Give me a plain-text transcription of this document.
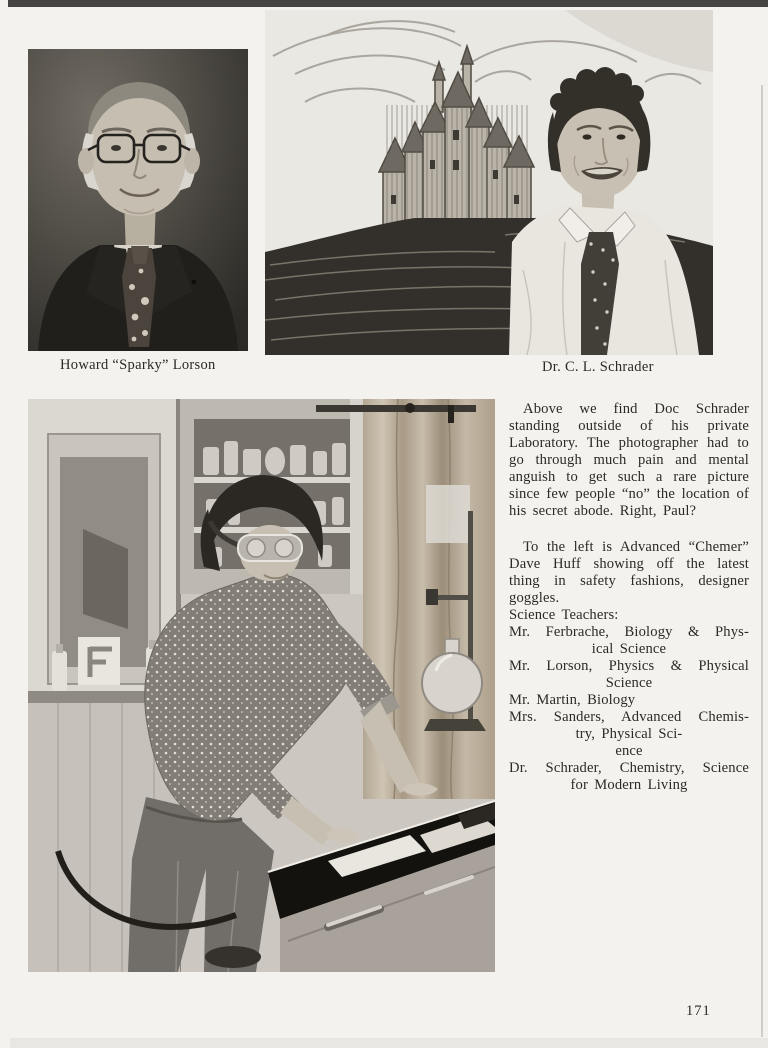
Howard “Sparky” Lorson	Dr. C. L. Schrader

Above we find Doc Schrader standing outside of his private Laboratory. The photographer had to go through much pain and mental anguish to get such a rare picture since few people “no” the location of his secret abode. Right, Paul?

To the left is Advanced “Chemer” Dave Huff showing off the latest thing in safety fashions, designer goggles.

Science Teachers:
Mr. Ferbrache, Biology & Phys-
ical Science
Mr. Lorson, Physics & Physical
Science
Mr. Martin, Biology
Mrs. Sanders, Advanced Chemis-
try, Physical Sci-
ence
Dr. Schrader, Chemistry, Science
for Modern Living
171
